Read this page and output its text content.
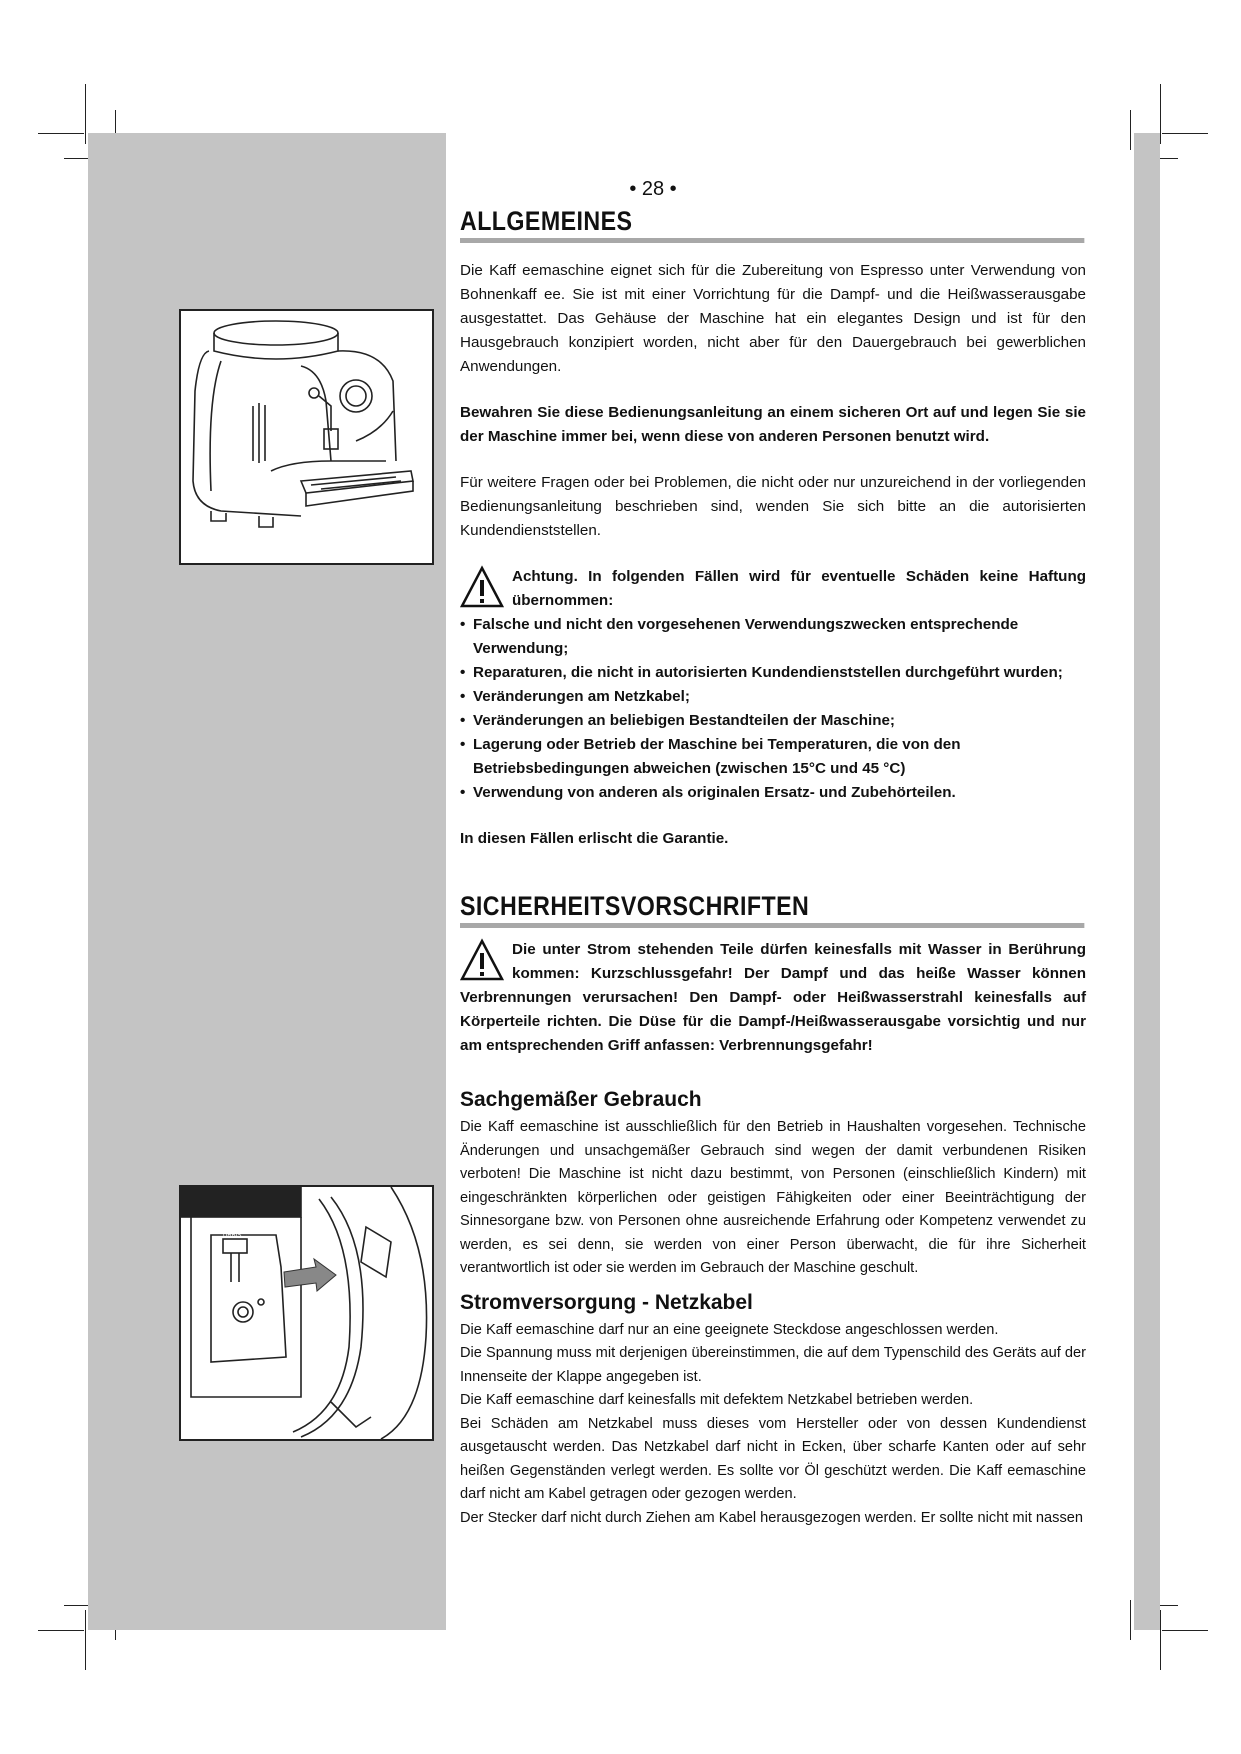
URBIS
• 28 •
ALLGEMEINES

Die Kaff eemaschine eignet sich für die Zubereitung von Espresso unter Verwendung von Bohnenkaff ee. Sie ist mit einer Vorrichtung für die Dampf- und die Heißwasserausgabe ausgestattet. Das Gehäuse der Maschine hat ein elegantes Design und ist für den Hausgebrauch konzipiert worden, nicht aber für den Dauergebrauch bei gewerblichen Anwendungen.

Bewahren Sie diese Bedienungsanleitung an einem sicheren Ort auf und legen Sie sie der Maschine immer bei, wenn diese von anderen Personen benutzt wird.

Für weitere Fragen oder bei Problemen, die nicht oder nur unzureichend in der vorliegenden Bedienungsanleitung beschrieben sind, wenden Sie sich bitte an die autorisierten Kundendienststellen.

Achtung. In folgenden Fällen wird für eventuelle Schäden keine Haftung übernommen:
• Falsche und nicht den vorgesehenen Verwendungszwecken entsprechende Verwendung;
• Reparaturen, die nicht in autorisierten Kundendienststellen durchgeführt wurden;
• Veränderungen am Netzkabel;
• Veränderungen an beliebigen Bestandteilen der Maschine;
• Lagerung oder Betrieb der Maschine bei Temperaturen, die von den Betriebsbedingungen abweichen (zwischen 15°C und 45 °C)
• Verwendung von anderen als originalen Ersatz- und Zubehörteilen.

In diesen Fällen erlischt die Garantie.

SICHERHEITSVORSCHRIFTEN
Die unter Strom stehenden Teile dürfen keinesfalls mit Wasser in Berührung kommen: Kurzschlussgefahr! Der Dampf und das heiße Wasser können Verbrennungen verursachen! Den Dampf- oder Heißwasserstrahl keinesfalls auf Körperteile richten. Die Düse für die Dampf-/Heißwasserausgabe vorsichtig und nur am entsprechenden Griff anfassen: Verbrennungsgefahr!
Sachgemäßer Gebrauch

Die Kaff eemaschine ist ausschließlich für den Betrieb in Haushalten vorgesehen. Technische Änderungen und unsachgemäßer Gebrauch sind wegen der damit verbundenen Risiken verboten! Die Maschine ist nicht dazu bestimmt, von Personen (einschließlich Kindern) mit eingeschränkten körperlichen oder geistigen Fähigkeiten oder einer Beeinträchtigung der Sinnesorgane bzw. von Personen ohne ausreichende Erfahrung oder Kompetenz verwendet zu werden, es sei denn, sie werden von einer Person überwacht, die für ihre Sicherheit verantwortlich ist oder sie werden im Gebrauch der Maschine geschult.

Stromversorgung - Netzkabel

Die Kaff eemaschine darf nur an eine geeignete Steckdose angeschlossen werden.

Die Spannung muss mit derjenigen übereinstimmen, die auf dem Typenschild des Geräts auf der Innenseite der Klappe angegeben ist.

Die Kaff eemaschine darf keinesfalls mit defektem Netzkabel betrieben werden.

Bei Schäden am Netzkabel muss dieses vom Hersteller oder von dessen Kundendienst ausgetauscht werden. Das Netzkabel darf nicht in Ecken, über scharfe Kanten oder auf sehr heißen Gegenständen verlegt werden. Es sollte vor Öl geschützt werden. Die Kaff eemaschine darf nicht am Kabel getragen oder gezogen werden.

Der Stecker darf nicht durch Ziehen am Kabel herausgezogen werden. Er sollte nicht mit nassen
